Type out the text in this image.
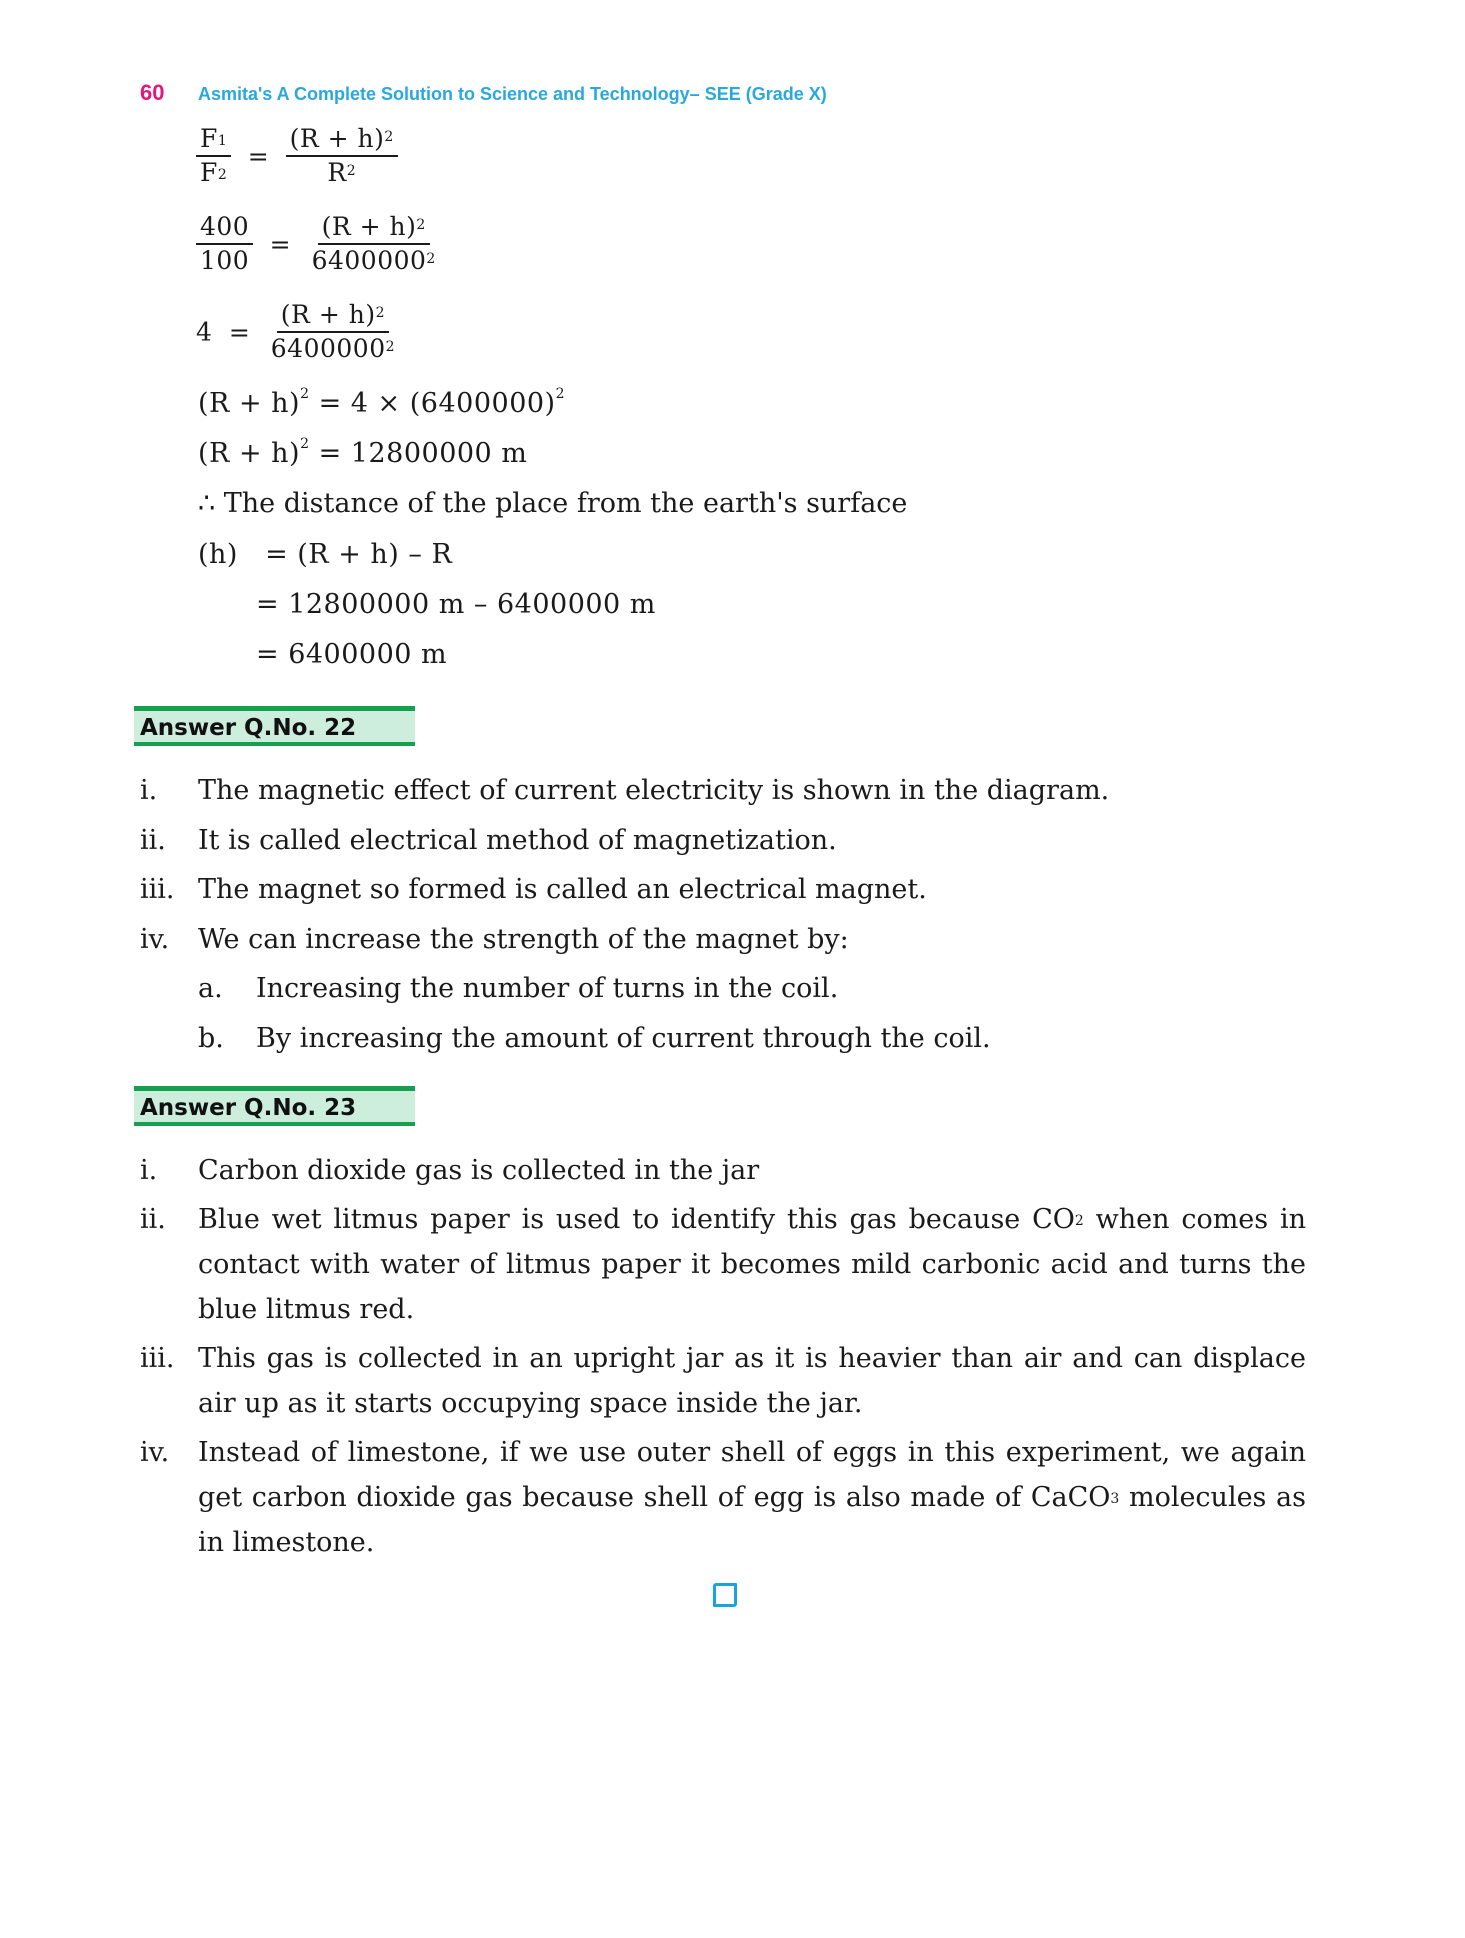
60 Asmita's A Complete Solution to Science and Technology– SEE (Grade X)
$\frac{F_1}{F_2} = \frac{(R + h)^2}{R^2}$
$\frac{400}{100} = \frac{(R + h)^2}{6400000^2}$
$4 = \frac{(R + h)^2}{6400000^2}$
$(R + h)^2 = 4 \times (6400000)^2$
$(R + h)^2 = 12800000$ m
∴ The distance of the place from the earth's surface
(h) = (R + h) – R
= 12800000 m – 6400000 m
= 6400000 m
Answer Q.No. 22
i. The magnetic effect of current electricity is shown in the diagram.
ii. It is called electrical method of magnetization.
iii. The magnet so formed is called an electrical magnet.
iv. We can increase the strength of the magnet by:
a. Increasing the number of turns in the coil.
b. By increasing the amount of current through the coil.
Answer Q.No. 23
i. Carbon dioxide gas is collected in the jar
ii. Blue wet litmus paper is used to identify this gas because $CO_2$ when comes in contact with water of litmus paper it becomes mild carbonic acid and turns the blue litmus red.
iii. This gas is collected in an upright jar as it is heavier than air and can displace air up as it starts occupying space inside the jar.
iv. Instead of limestone, if we use outer shell of eggs in this experiment, we again get carbon dioxide gas because shell of egg is also made of CaCO$_3$ molecules as in limestone.
